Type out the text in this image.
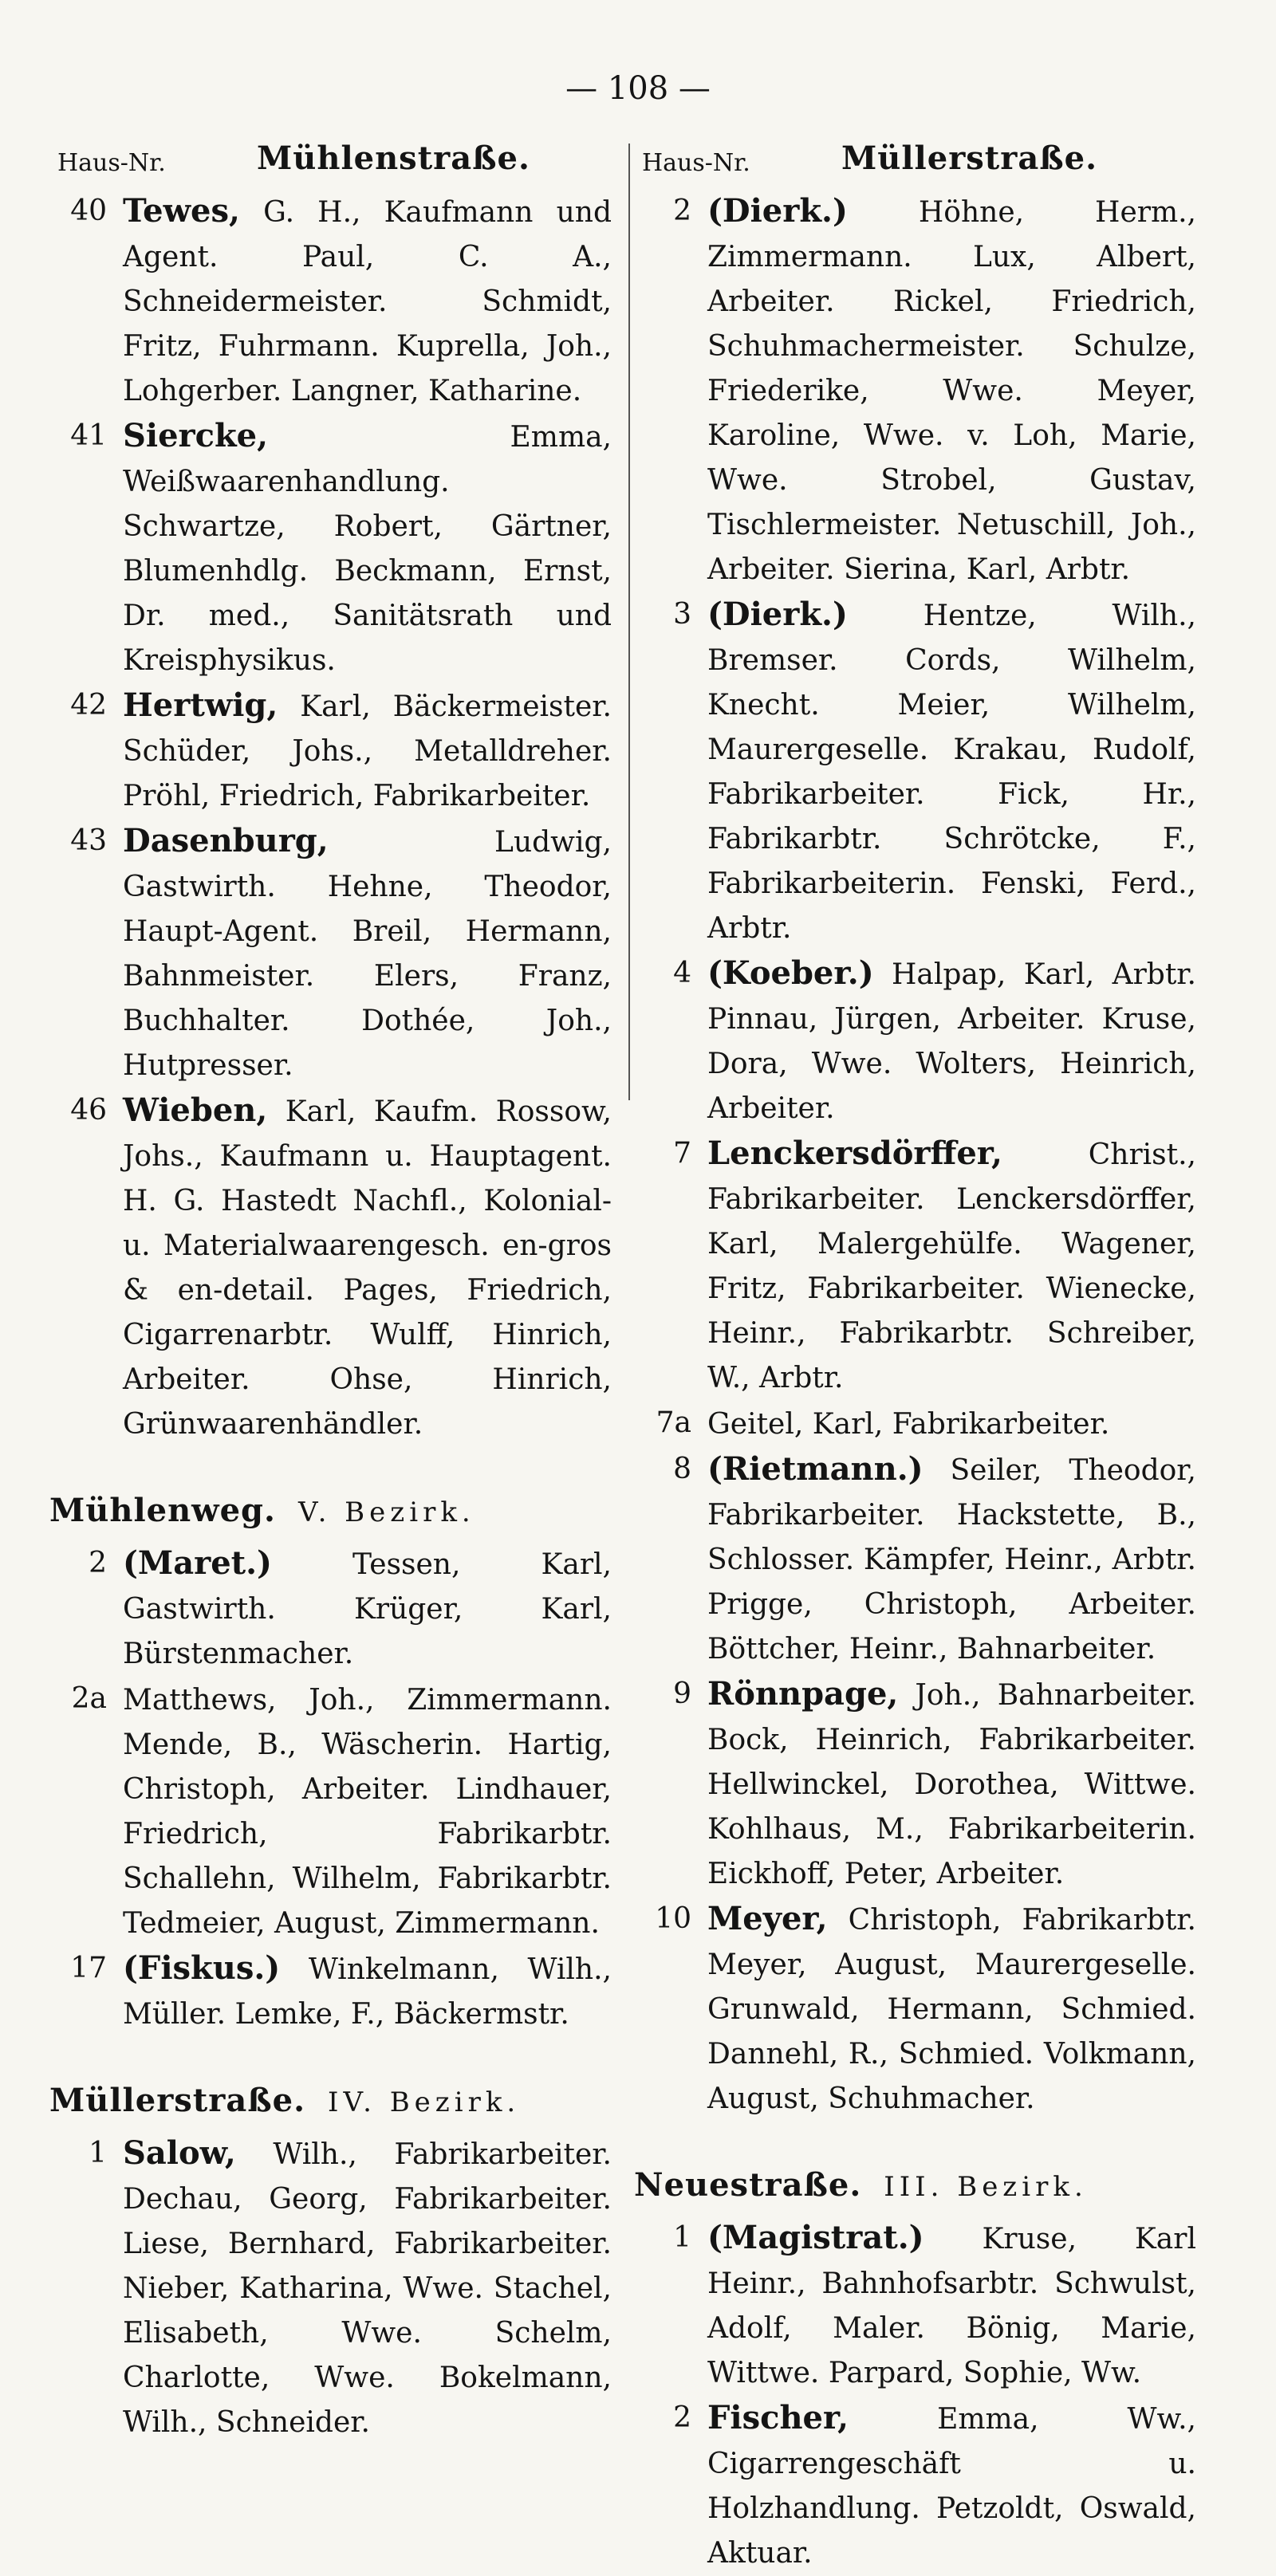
— 108 —
Haus-Nr.	Mühlenstraße.
40 Tewes, G. H., Kaufmann und Agent. Paul, C. A., Schneidermeister. Schmidt, Fritz, Fuhrmann. Kuprella, Joh., Lohgerber. Langner, Katharine.
41 Siercke,	Emma, Weißwaarenhandlung. Schwartze, Robert, Gärtner, Blumenhdlg. Beckmann, Ernst, Dr. med., Sanitätsrath und Kreisphysikus.
42 Hertwig, Karl, Bäckermeister. Schüder, Johs., Metalldreher. Pröhl, Friedrich, Fabrikarbeiter.
43 Dasenburg,	Ludwig, Gastwirth. Hehne, Theodor, Haupt-Agent. Breil, Hermann, Bahnmeister. Elers, Franz, Buchhalter. Dothée, Joh., Hutpresser.
46 Wieben, Karl, Kaufm. Rossow, Johs., Kaufmann u. Hauptagent. H. G. Hastedt Nachfl., Kolonial- u. Materialwaarengesch. en-gros & en-detail. Pages, Friedrich, Cigarrenarbtr. Wulff, Hinrich, Arbeiter. Ohse, Hinrich, Grünwaarenhändler.
Mühlenweg. V. Bezirk.
2 (Maret.)	Tessen, Karl, Gastwirth. Krüger, Karl, Bürstenmacher.
2a Matthews, Joh., Zimmermann. Mende, B., Wäscherin. Hartig, Christoph, Arbeiter. Lindhauer, Friedrich, Fabrikarbtr. Schallehn, Wilhelm, Fabrikarbtr. Tedmeier, August, Zimmermann.
17 (Fiskus.) Winkelmann, Wilh., Müller. Lemke, F., Bäckermstr.
Müllerstraße. IV. Bezirk.
1 Salow, Wilh., Fabrikarbeiter. Dechau, Georg, Fabrikarbeiter. Liese, Bernhard, Fabrikarbeiter. Nieber, Katharina, Wwe. Stachel, Elisabeth, Wwe. Schelm, Charlotte, Wwe. Bokelmann, Wilh., Schneider.
Haus-Nr.	Müllerstraße.
2 (Dierk.) Höhne, Herm., Zimmermann. Lux, Albert, Arbeiter. Rickel, Friedrich, Schuhmachermeister. Schulze, Friederike, Wwe. Meyer, Karoline, Wwe. v. Loh, Marie, Wwe. Strobel, Gustav, Tischlermeister. Netuschill, Joh., Arbeiter. Sierina, Karl, Arbtr.
3 (Dierk.)	Hentze, Wilh., Bremser. Cords, Wilhelm, Knecht. Meier, Wilhelm, Maurergeselle. Krakau, Rudolf, Fabrikarbeiter. Fick, Hr., Fabrikarbtr. Schrötcke, F., Fabrikarbeiterin. Fenski, Ferd., Arbtr.
4 (Koeber.) Halpap, Karl, Arbtr. Pinnau, Jürgen, Arbeiter. Kruse, Dora, Wwe. Wolters, Heinrich, Arbeiter.
7 Lenckersdörffer,	Christ., Fabrikarbeiter. Lenckersdörffer, Karl, Malergehülfe. Wagener, Fritz, Fabrikarbeiter. Wienecke, Heinr., Fabrikarbtr. Schreiber, W., Arbtr.
7a Geitel, Karl, Fabrikarbeiter.
8 (Rietmann.) Seiler, Theodor, Fabrikarbeiter. Hackstette, B., Schlosser. Kämpfer, Heinr., Arbtr. Prigge, Christoph, Arbeiter. Böttcher, Heinr., Bahnarbeiter.
9 Rönnpage, Joh., Bahnarbeiter. Bock, Heinrich, Fabrikarbeiter. Hellwinckel, Dorothea, Wittwe. Kohlhaus, M., Fabrikarbeiterin. Eickhoff, Peter, Arbeiter.
10 Meyer, Christoph, Fabrikarbtr. Meyer, August, Maurergeselle. Grunwald, Hermann, Schmied. Dannehl, R., Schmied. Volkmann, August, Schuhmacher.
Neuestraße. III. Bezirk.
1 (Magistrat.) Kruse, Karl Heinr., Bahnhofsarbtr. Schwulst, Adolf, Maler. Bönig, Marie, Wittwe. Parpard, Sophie, Ww.
2 Fischer,	Emma, Ww., Cigarrengeschäft u. Holzhandlung. Petzoldt, Oswald, Aktuar.
